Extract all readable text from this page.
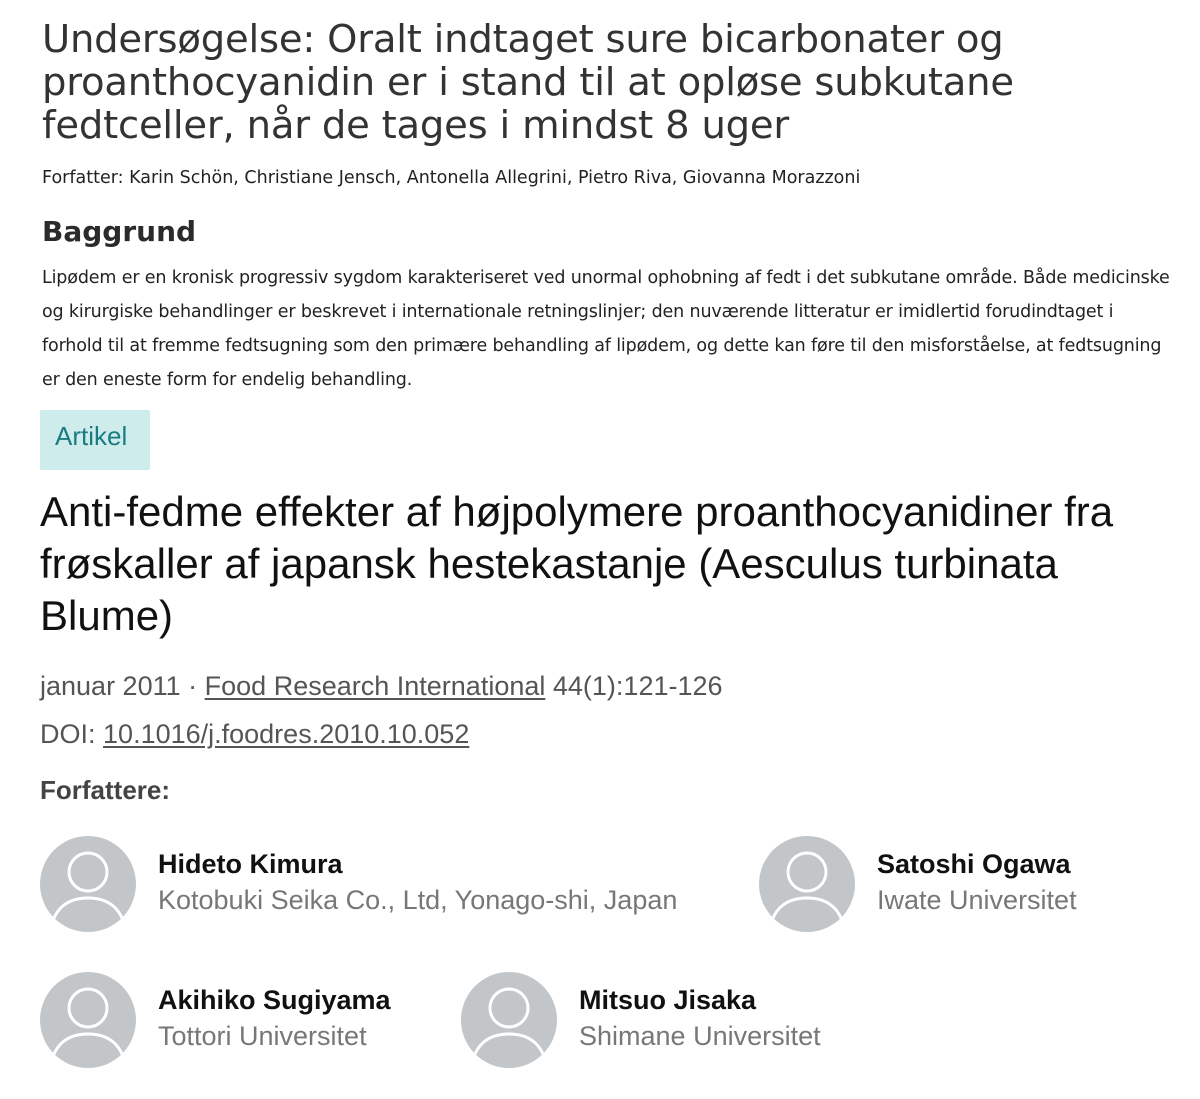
Undersøgelse: Oralt indtaget sure bicarbonater og proanthocyanidin er i stand til at opløse subkutane fedtceller, når de tages i mindst 8 uger
Forfatter: Karin Schön, Christiane Jensch, Antonella Allegrini, Pietro Riva, Giovanna Morazzoni
Baggrund

Lipødem er en kronisk progressiv sygdom karakteriseret ved unormal ophobning af fedt i det subkutane område. Både medicinske og kirurgiske behandlinger er beskrevet i internationale retningslinjer; den nuværende litteratur er imidlertid forudindtaget i forhold til at fremme fedtsugning som den primære behandling af lipødem, og dette kan føre til den misforståelse, at fedtsugning er den eneste form for endelig behandling.

Artikel
Anti-fedme effekter af højpolymere proanthocyanidiner fra frøskaller af japansk hestekastanje (Aesculus turbinata Blume)
januar 2011 · Food Research International 44(1):121-126
DOI: 10.1016/j.foodres.2010.10.052
Forfattere:
Hideto Kimura
Kotobuki Seika Co., Ltd, Yonago-shi, Japan
Satoshi Ogawa
Iwate Universitet
Akihiko Sugiyama
Tottori Universitet
Mitsuo Jisaka
Shimane Universitet
